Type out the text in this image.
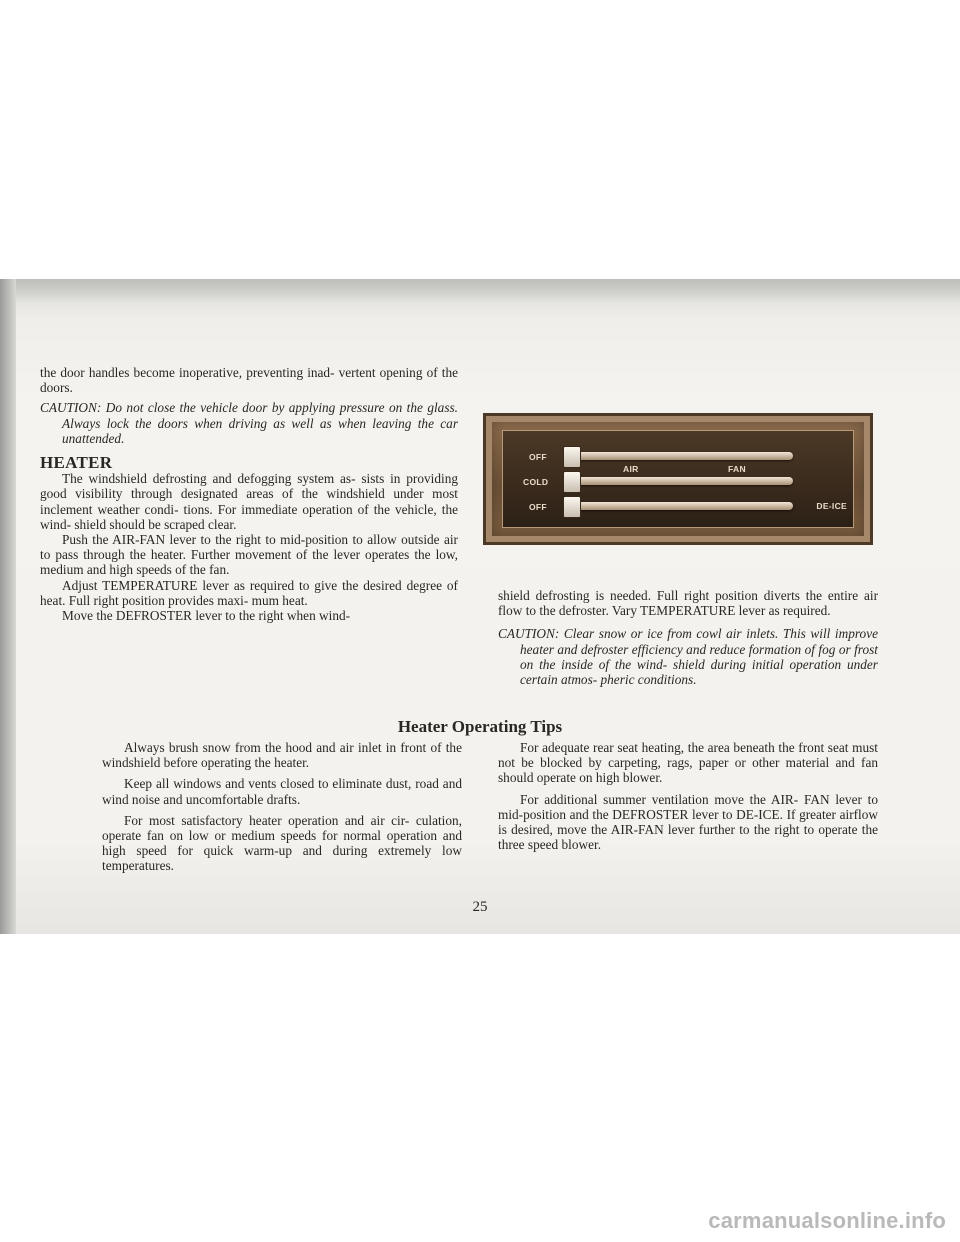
the door handles become inoperative, preventing inad- vertent opening of the doors.

CAUTION: Do not close the vehicle door by applying pressure on the glass. Always lock the doors when driving as well as when leaving the car unattended.

HEATER

The windshield defrosting and defogging system as- sists in providing good visibility through designated areas of the windshield under most inclement weather condi- tions. For immediate operation of the vehicle, the wind- shield should be scraped clear.

Push the AIR-FAN lever to the right to mid-position to allow outside air to pass through the heater. Further movement of the lever operates the low, medium and high speeds of the fan.

Adjust TEMPERATURE lever as required to give the desired degree of heat. Full right position provides maxi- mum heat.

Move the DEFROSTER lever to the right when wind-

OFF
COLD
OFF
AIR	FAN
DE-ICE

shield defrosting is needed. Full right position diverts the entire air flow to the defroster. Vary TEMPERATURE lever as required.

CAUTION: Clear snow or ice from cowl air inlets. This will improve heater and defroster efficiency and reduce formation of fog or frost on the inside of the wind- shield during initial operation under certain atmos- pheric conditions.

Heater Operating Tips

Always brush snow from the hood and air inlet in front of the windshield before operating the heater.

Keep all windows and vents closed to eliminate dust, road and wind noise and uncomfortable drafts.

For most satisfactory heater operation and air cir- culation, operate fan on low or medium speeds for normal operation and high speed for quick warm-up and during extremely low temperatures.

For adequate rear seat heating, the area beneath the front seat must not be blocked by carpeting, rags, paper or other material and fan should operate on high blower.

For additional summer ventilation move the AIR- FAN lever to mid-position and the DEFROSTER lever to DE-ICE. If greater airflow is desired, move the AIR-FAN lever further to the right to operate the three speed blower.

25
carmanualsonline.info
